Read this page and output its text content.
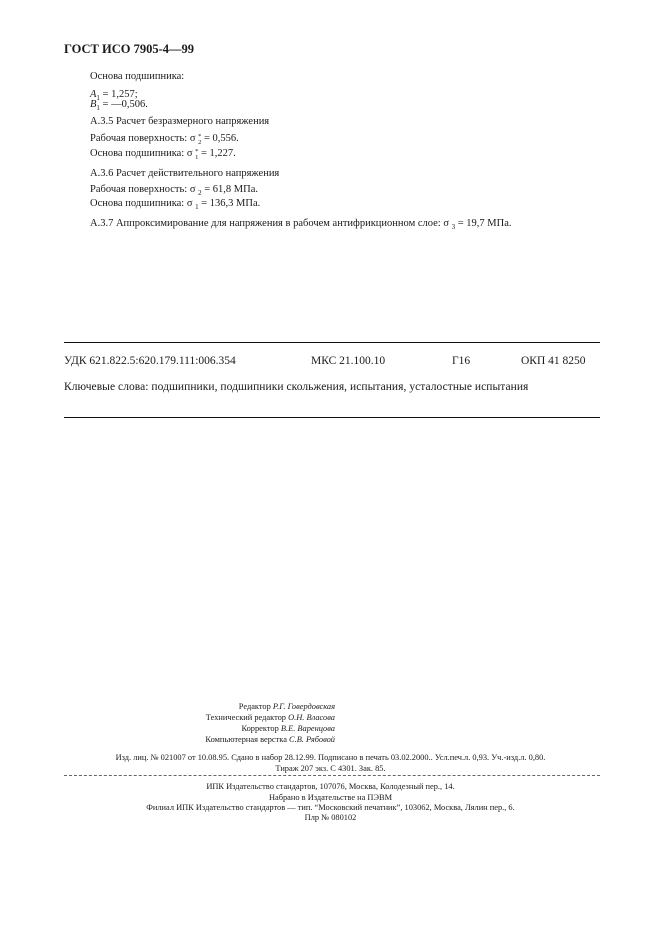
ГОСТ ИСО 7905-4—99
Основа подшипника:
$A_1 = 1,257$;
$B_1$ = —0,506.
А.3.5 Расчет безразмерного напряжения
Рабочая поверхность: σ *
2 = 0,556.
Основа подшипника: σ *
1 = 1,227.
А.3.6 Расчет действительного напряжения
Рабочая поверхность: σ $_2$ = 61,8 МПа.
Основа подшипника: σ $_1$ = 136,3 МПа.
А.3.7 Аппроксимирование для напряжения в рабочем антифрикционном слое: σ $_3$ = 19,7 МПа.
УДК 621.822.5:620.179.111:006.354	МКС 21.100.10	Г16	ОКП 41 8250
Ключевые слова: подшипники, подшипники скольжения, испытания, усталостные испытания
Редактор Р.Г. Говердовская
Технический редактор О.Н. Власова
Корректор В.Е. Варенцова
Компьютерная верстка С.В. Рябовой
Изд. лиц. № 021007 от 10.08.95. Сдано в набор 28.12.99. Подписано в печать 03.02.2000.. Усл.печ.л. 0,93. Уч.-изд.л. 0,80.
Тираж 207 экз. С 4301. Зак. 85.
ИПК Издательство стандартов, 107076, Москва, Колодезный пер., 14.
Набрано в Издательстве на ПЭВМ
Филиал ИПК Издательство стандартов — тип. “Московский печатник”, 103062, Москва, Лялин пер., 6.
Плр № 080102
